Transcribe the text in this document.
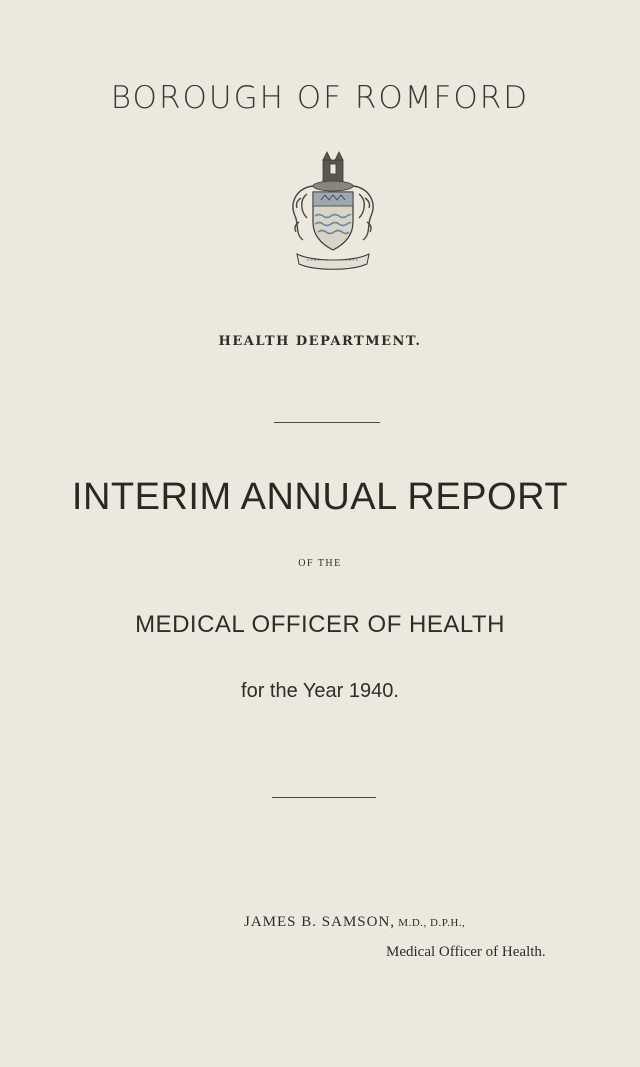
BOROUGH OF ROMFORD
HEALTH DEPARTMENT.
INTERIM ANNUAL REPORT
OF THE
MEDICAL OFFICER OF HEALTH
for the Year 1940.
JAMES B. SAMSON, M.D., D.P.H.,
Medical Officer of Health.
